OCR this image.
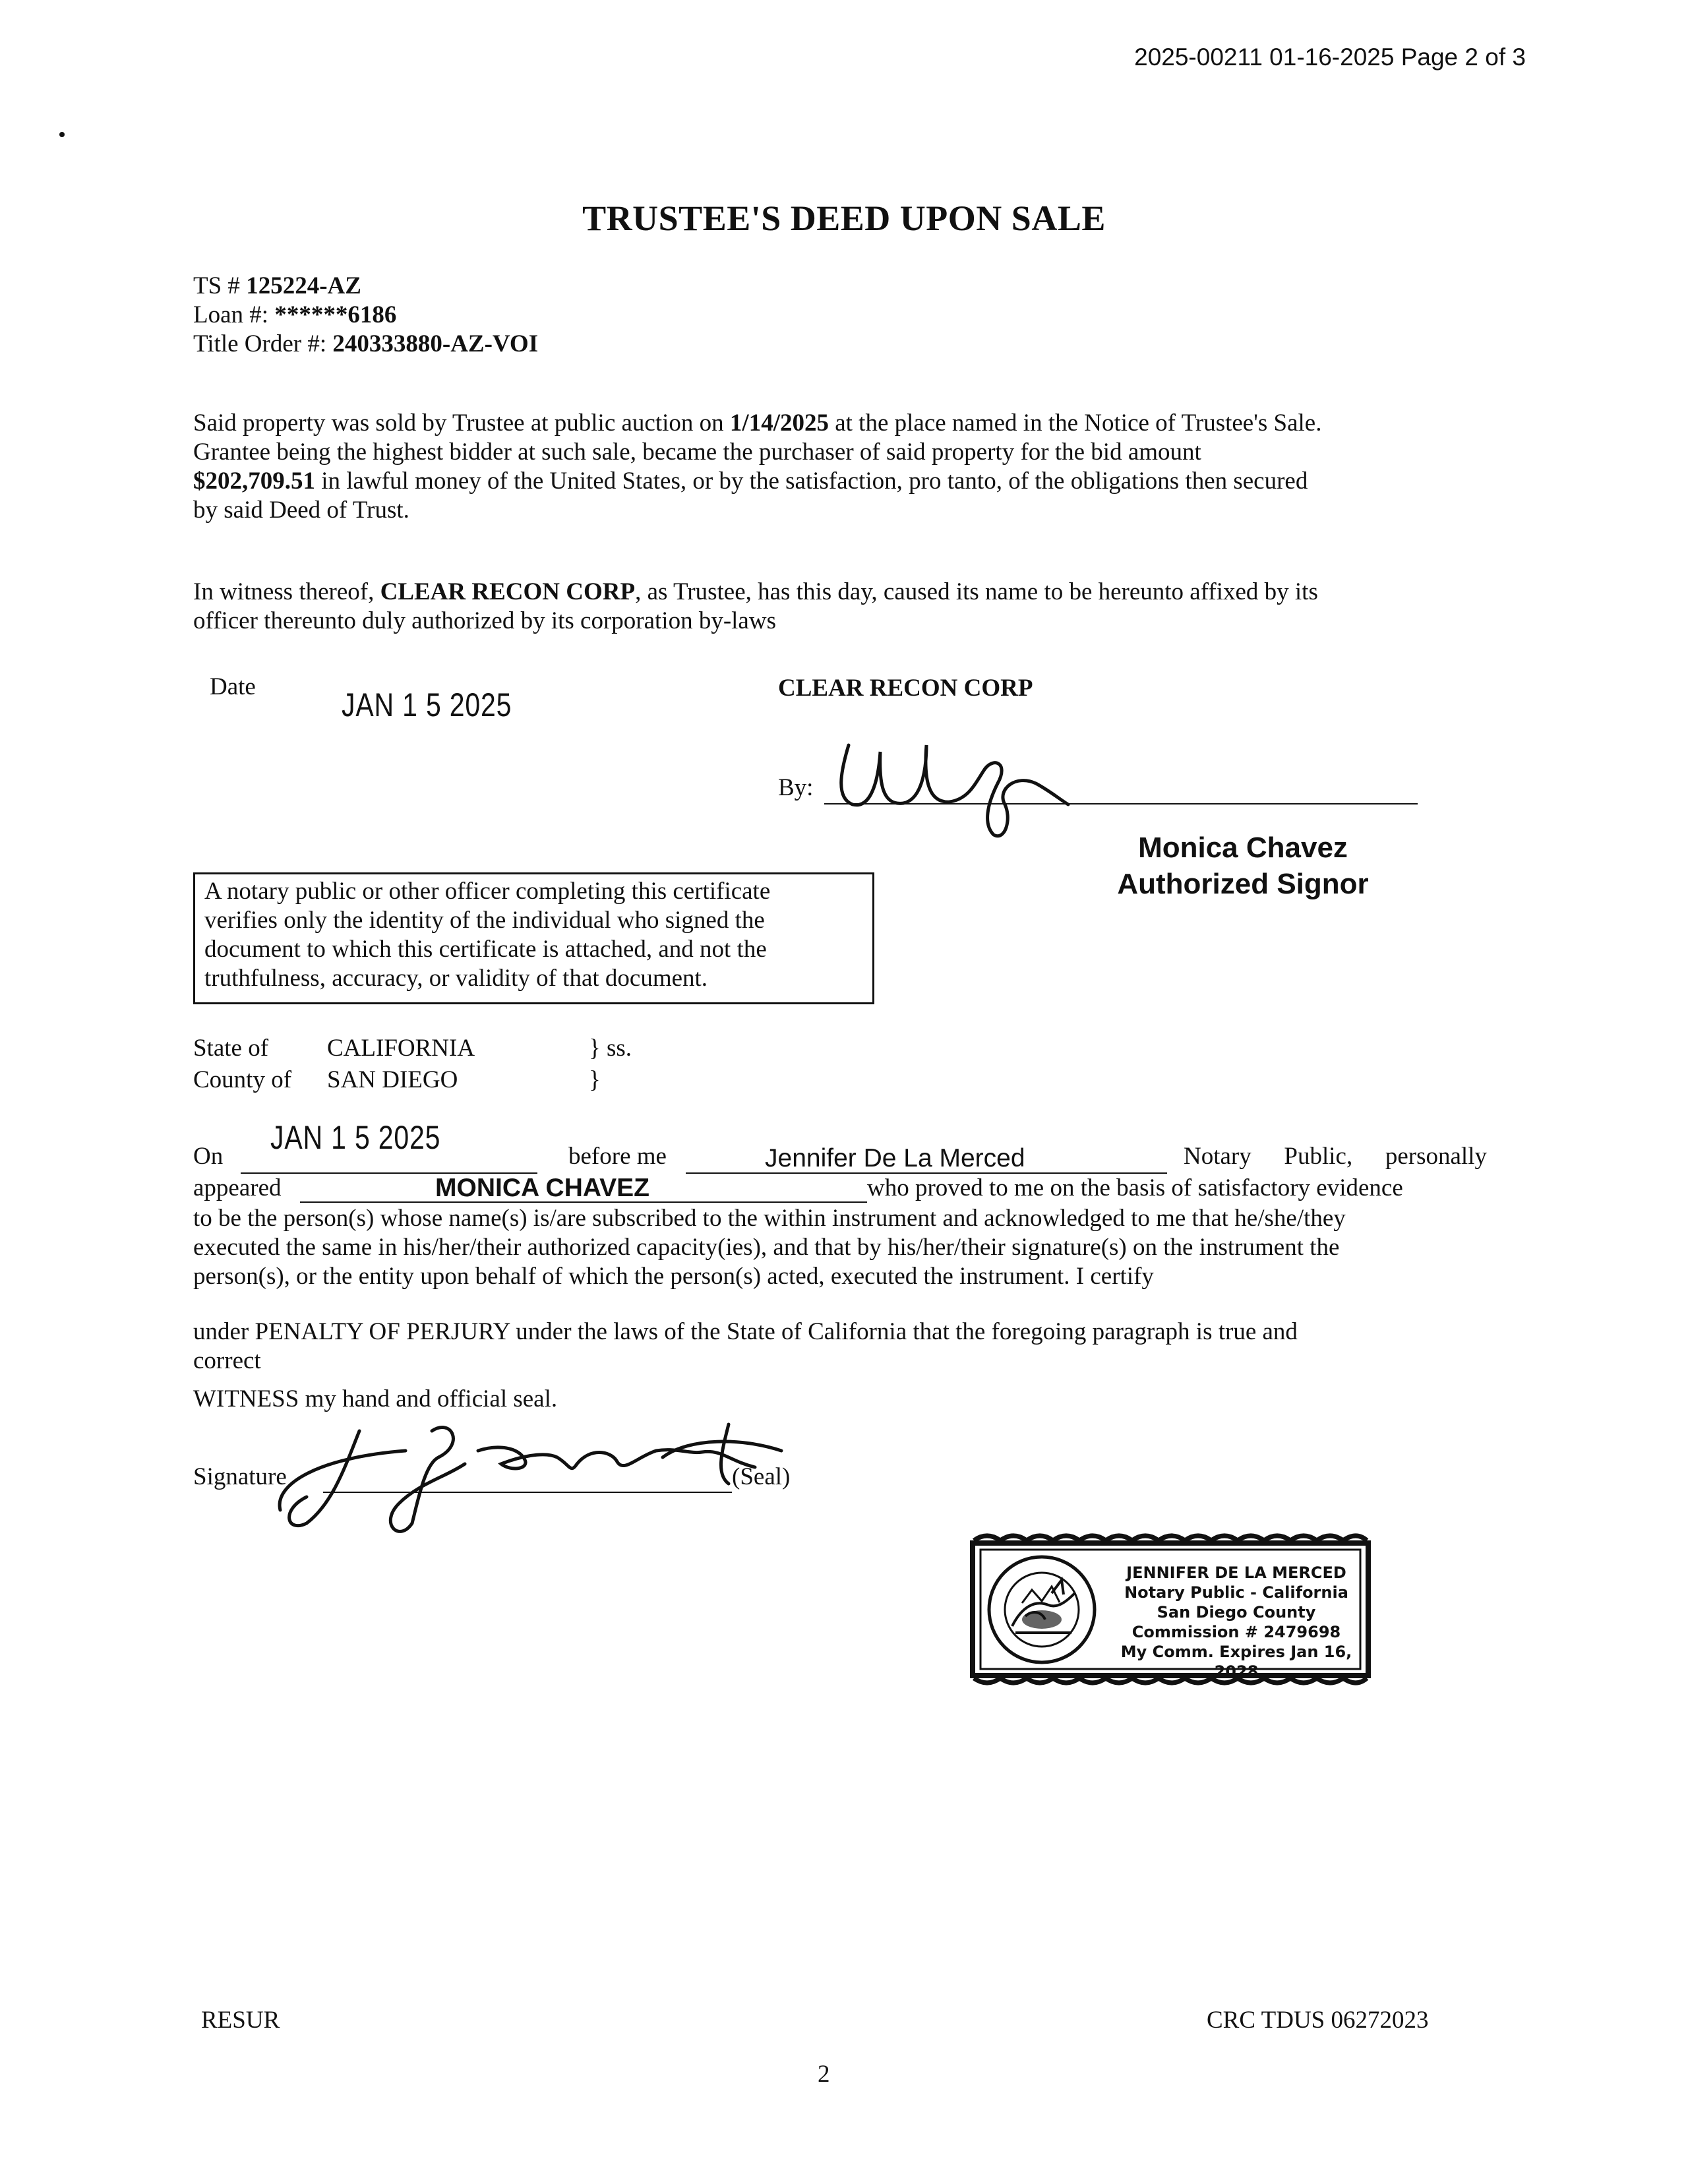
2025-00211 01-16-2025 Page 2 of 3
TRUSTEE'S DEED UPON SALE
TS # 125224-AZ
Loan #: ******6186
Title Order #: 240333880-AZ-VOI
Said property was sold by Trustee at public auction on 1/14/2025 at the place named in the Notice of Trustee's Sale.
Grantee being the highest bidder at such sale, became the purchaser of said property for the bid amount
$202,709.51 in lawful money of the United States, or by the satisfaction, pro tanto, of the obligations then secured
by said Deed of Trust.
In witness thereof, CLEAR RECON CORP, as Trustee, has this day, caused its name to be hereunto affixed by its
officer thereunto duly authorized by its corporation by-laws
Date	JAN 1 5 2025	CLEAR RECON CORP
By:
Monica Chavez
Authorized Signor
A notary public or other officer completing this certificate
verifies only the identity of the individual who signed the
document to which this certificate is attached, and not the
truthfulness, accuracy, or validity of that document.
State of CALIFORNIA	} ss.
County of SAN DIEGO	}
On
JAN 1 5 2025
before me	Jennifer De La Merced	Notary Public, personally
appeared	MONICA CHAVEZ	who proved to me on the basis of satisfactory evidence
to be the person(s) whose name(s) is/are subscribed to the within instrument and acknowledged to me that he/she/they
executed the same in his/her/their authorized capacity(ies), and that by his/her/their signature(s) on the instrument the
person(s), or the entity upon behalf of which the person(s) acted, executed the instrument. I certify
under PENALTY OF PERJURY under the laws of the State of California that the foregoing paragraph is true and
correct
WITNESS my hand and official seal.
Signature	(Seal)
JENNIFER DE LA MERCED
Notary Public - California
San Diego County
Commission # 2479698
My Comm. Expires Jan 16, 2028
RESUR	CRC TDUS 06272023
2
